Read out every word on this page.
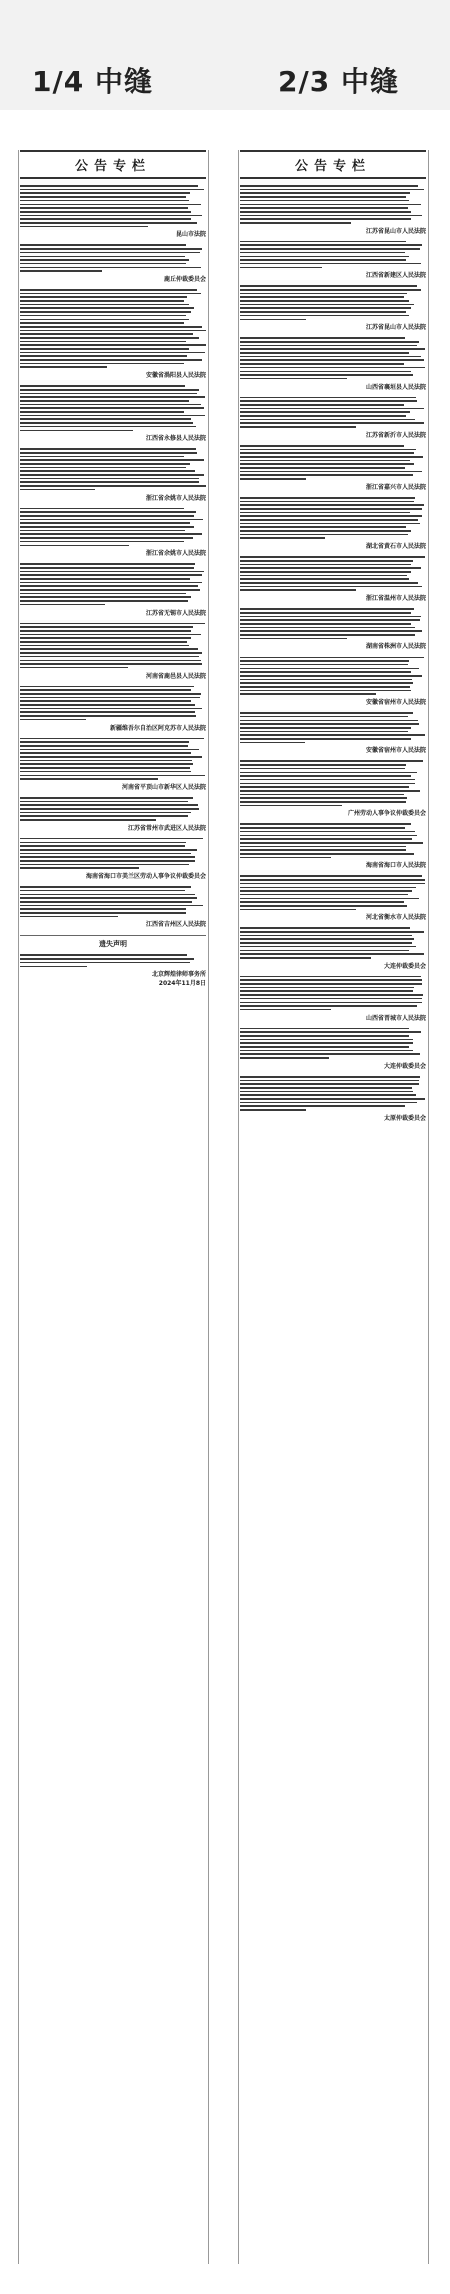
1/4 中缝	2/3 中缝
公告专栏
昆山市法院
鹿丘仲裁委员会
安徽省渦阳县人民法院
江西省永修县人民法院
浙江省余姚市人民法院
浙江省余姚市人民法院
江苏省无锡市人民法院
河南省鹿邑县人民法院
新疆维吾尔自治区阿克苏市人民法院
河南省平顶山市新华区人民法院
江苏省常州市武进区人民法院
海南省海口市美兰区劳动人事争议仲裁委员会
江西省吉州区人民法院
遗失声明
北京辉煌律师事务所
2024年11月8日
公告专栏
江苏省昆山市人民法院
江西省新建区人民法院
江苏省昆山市人民法院
山西省襄垣县人民法院
江苏省新沂市人民法院
浙江省嘉兴市人民法院
湖北省黄石市人民法院
浙江省温州市人民法院
湖南省株洲市人民法院
安徽省宿州市人民法院
安徽省宿州市人民法院
广州劳动人事争议仲裁委员会
海南省海口市人民法院
河北省衡水市人民法院
大连仲裁委员会
山西省晋城市人民法院
大连仲裁委员会
太原仲裁委员会
